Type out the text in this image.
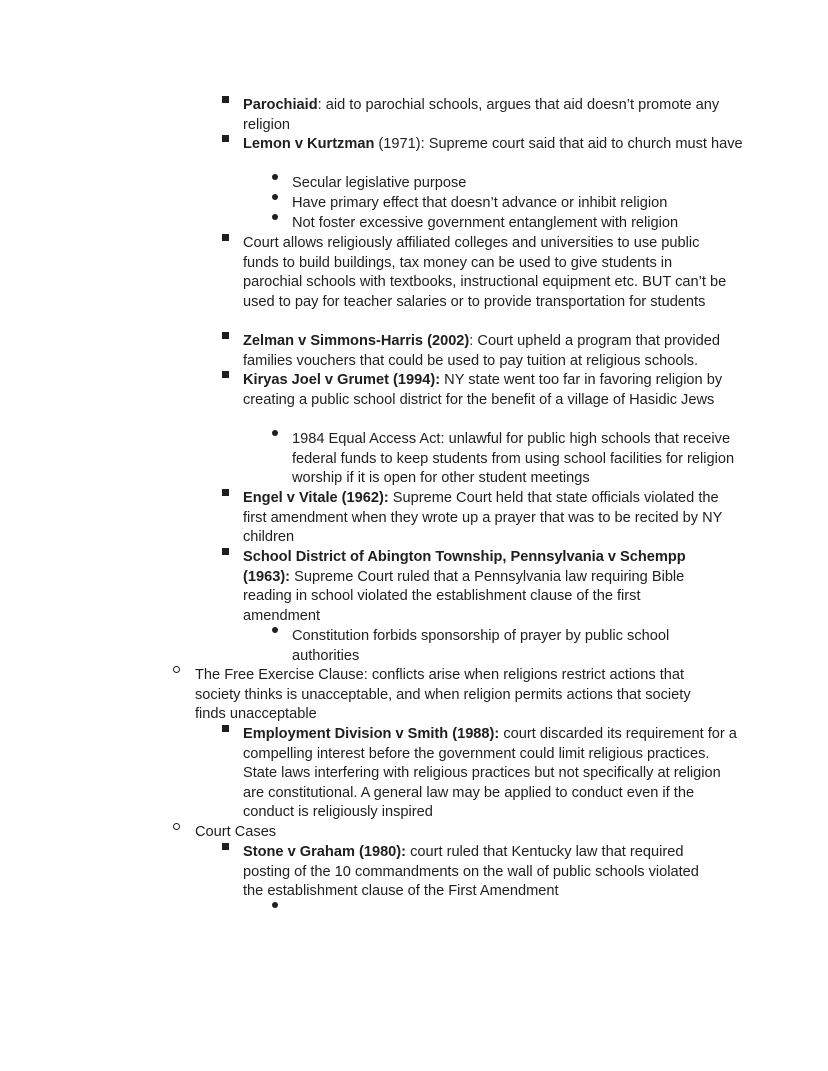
Parochiaid: aid to parochial schools, argues that aid doesn’t promote any religion
Lemon v Kurtzman (1971): Supreme court said that aid to church must have
Secular legislative purpose
Have primary effect that doesn’t advance or inhibit religion
Not foster excessive government entanglement with religion
Court allows religiously affiliated colleges and universities to use public funds to build buildings, tax money can be used to give students in parochial schools with textbooks, instructional equipment etc. BUT can’t be used to pay for teacher salaries or to provide transportation for students
Zelman v Simmons-Harris (2002): Court upheld a program that provided families vouchers that could be used to pay tuition at religious schools.
Kiryas Joel v Grumet (1994): NY state went too far in favoring religion by creating a public school district for the benefit of a village of Hasidic Jews
1984 Equal Access Act: unlawful for public high schools that receive federal funds to keep students from using school facilities for religion worship if it is open for other student meetings
Engel v Vitale (1962): Supreme Court held that state officials violated the first amendment when they wrote up a prayer that was to be recited by NY children
School District of Abington Township, Pennsylvania v Schempp (1963): Supreme Court ruled that a Pennsylvania law requiring Bible reading in school violated the establishment clause of the first amendment
Constitution forbids sponsorship of prayer by public school authorities
The Free Exercise Clause: conflicts arise when religions restrict actions that society thinks is unacceptable, and when religion permits actions that society finds unacceptable
Employment Division v Smith (1988): court discarded its requirement for a compelling interest before the government could limit religious practices. State laws interfering with religious practices but not specifically at religion are constitutional. A general law may be applied to conduct even if the conduct is religiously inspired
Court Cases
Stone v Graham (1980): court ruled that Kentucky law that required posting of the 10 commandments on the wall of public schools violated the establishment clause of the First Amendment
